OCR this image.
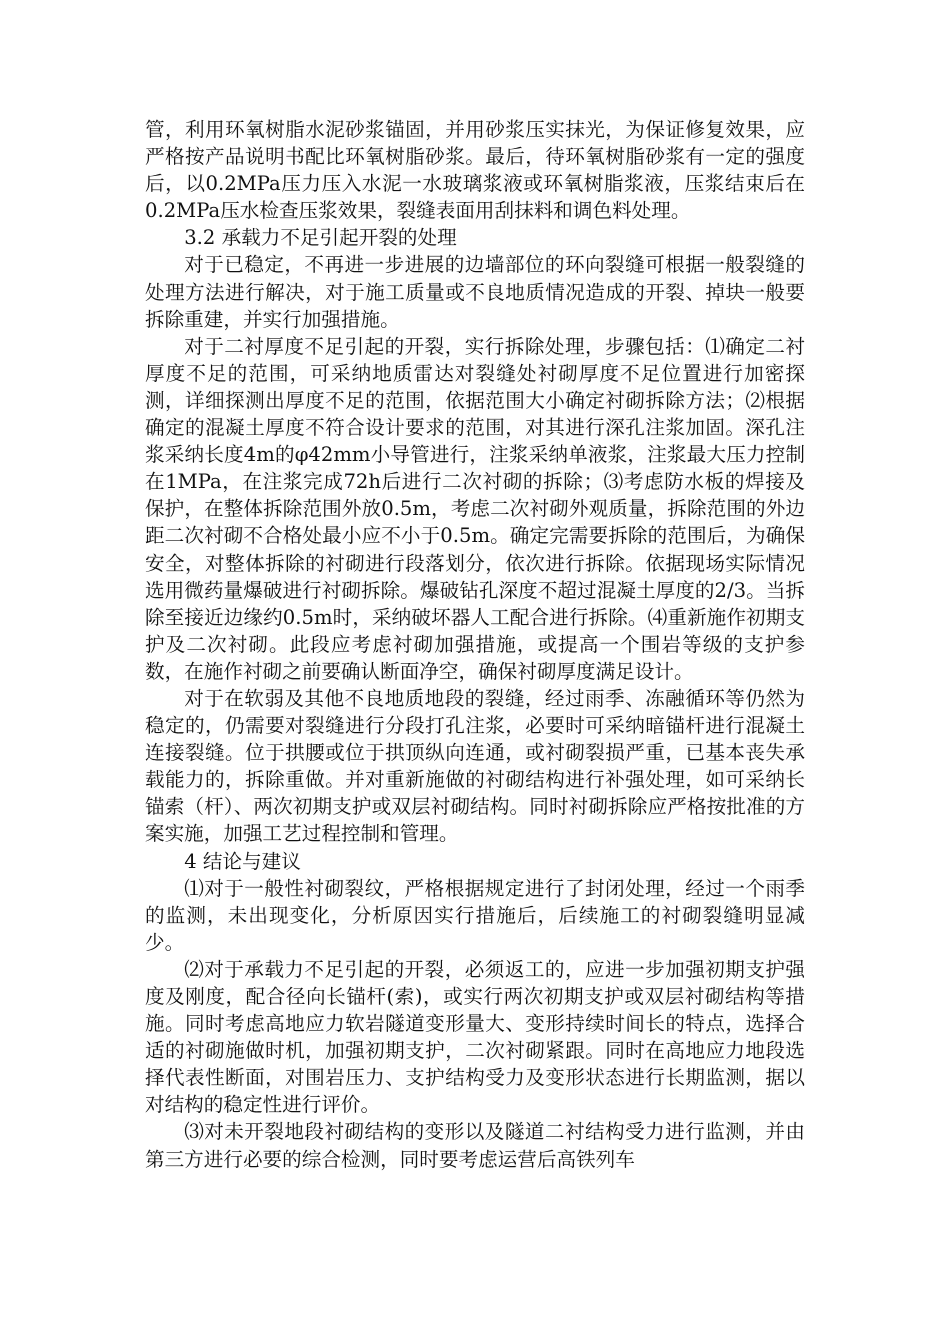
管，利用环氧树脂水泥砂浆锚固，并用砂浆压实抹光，为保证修复效果，应严格按产品说明书配比环氧树脂砂浆。最后，待环氧树脂砂浆有一定的强度后，以0.2MPa压力压入水泥一水玻璃浆液或环氧树脂浆液，压浆结束后在0.2MPa压水检查压浆效果，裂缝表面用刮抹料和调色料处理。

3.2 承载力不足引起开裂的处理

对于已稳定，不再进一步进展的边墙部位的环向裂缝可根据一般裂缝的处理方法进行解决，对于施工质量或不良地质情况造成的开裂、掉块一般要拆除重建，并实行加强措施。

对于二衬厚度不足引起的开裂，实行拆除处理，步骤包括：⑴确定二衬厚度不足的范围，可采纳地质雷达对裂缝处衬砌厚度不足位置进行加密探测，详细探测出厚度不足的范围，依据范围大小确定衬砌拆除方法；⑵根据确定的混凝土厚度不符合设计要求的范围，对其进行深孔注浆加固。深孔注浆采纳长度4m的φ42mm小导管进行，注浆采纳单液浆，注浆最大压力控制在1MPa，在注浆完成72h后进行二次衬砌的拆除；⑶考虑防水板的焊接及保护，在整体拆除范围外放0.5m，考虑二次衬砌外观质量，拆除范围的外边距二次衬砌不合格处最小应不小于0.5m。确定完需要拆除的范围后，为确保安全，对整体拆除的衬砌进行段落划分，依次进行拆除。依据现场实际情况选用微药量爆破进行衬砌拆除。爆破钻孔深度不超过混凝土厚度的2/3。当拆除至接近边缘约0.5m时，采纳破坏器人工配合进行拆除。⑷重新施作初期支护及二次衬砌。此段应考虑衬砌加强措施，或提高一个围岩等级的支护参数，在施作衬砌之前要确认断面净空，确保衬砌厚度满足设计。

对于在软弱及其他不良地质地段的裂缝，经过雨季、冻融循环等仍然为稳定的，仍需要对裂缝进行分段打孔注浆，必要时可采纳暗锚杆进行混凝土连接裂缝。位于拱腰或位于拱顶纵向连通，或衬砌裂损严重，已基本丧失承载能力的，拆除重做。并对重新施做的衬砌结构进行补强处理，如可采纳长锚索（杆）、两次初期支护或双层衬砌结构。同时衬砌拆除应严格按批准的方案实施，加强工艺过程控制和管理。

4 结论与建议

⑴对于一般性衬砌裂纹，严格根据规定进行了封闭处理，经过一个雨季的监测，未出现变化，分析原因实行措施后，后续施工的衬砌裂缝明显减少。

⑵对于承载力不足引起的开裂，必须返工的，应进一步加强初期支护强度及刚度，配合径向长锚杆(索)，或实行两次初期支护或双层衬砌结构等措施。同时考虑高地应力软岩隧道变形量大、变形持续时间长的特点，选择合适的衬砌施做时机，加强初期支护，二次衬砌紧跟。同时在高地应力地段选择代表性断面，对围岩压力、支护结构受力及变形状态进行长期监测，据以对结构的稳定性进行评价。

⑶对未开裂地段衬砌结构的变形以及隧道二衬结构受力进行监测，并由第三方进行必要的综合检测，同时要考虑运营后高铁列车
